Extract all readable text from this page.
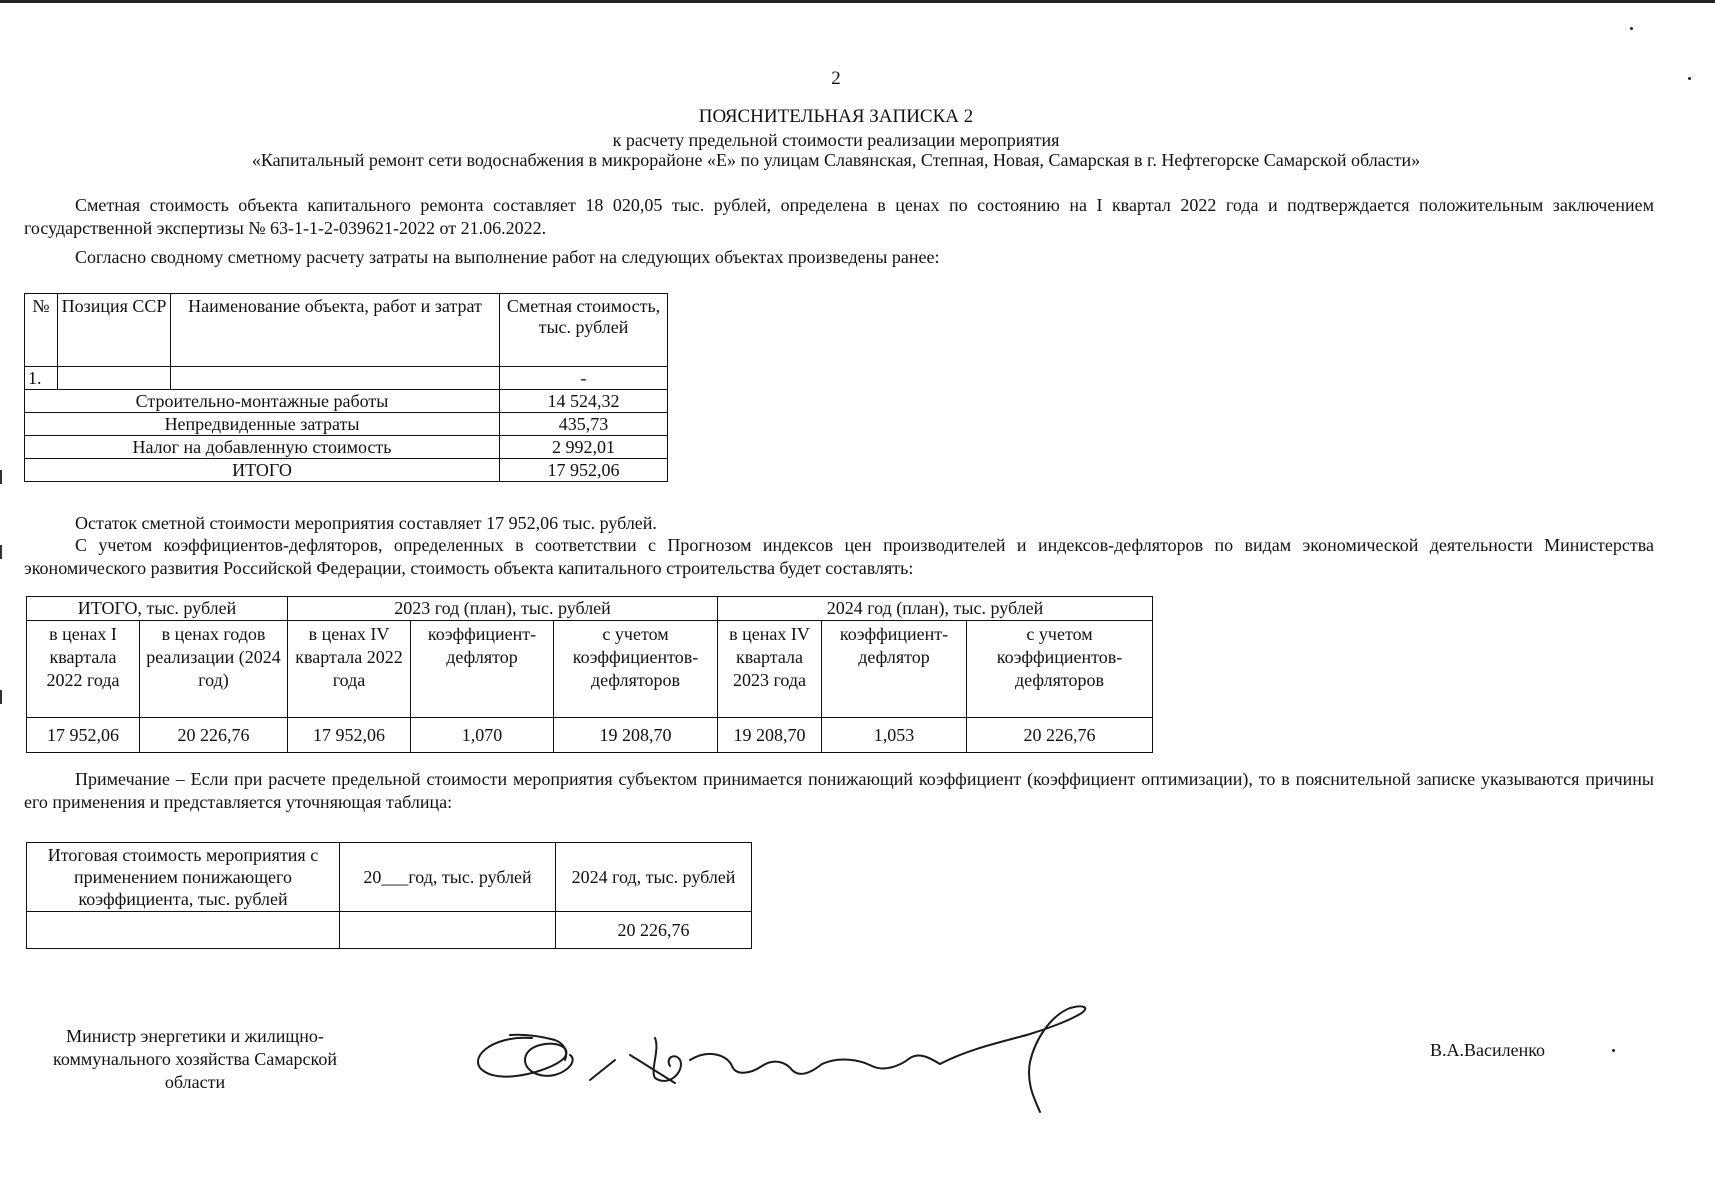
2
ПОЯСНИТЕЛЬНАЯ ЗАПИСКА 2
к расчету предельной стоимости реализации мероприятия
«Капитальный ремонт сети водоснабжения в микрорайоне «Е» по улицам Славянская, Степная, Новая, Самарская в г. Нефтегорске Самарской области»
Сметная стоимость объекта капитального ремонта составляет 18 020,05 тыс. рублей, определена в ценах по состоянию на I квартал 2022 года и подтверждается положительным заключением государственной экспертизы № 63-1-1-2-039621-2022 от 21.06.2022.
Согласно сводному сметному расчету затраты на выполнение работ на следующих объектах произведены ранее:
№	Позиция ССР	Наименование объекта, работ и затрат	Сметная стоимость, тыс. рублей
1.			-
Строительно-монтажные работы			14 524,32
Непредвиденные затраты			435,73
Налог на добавленную стоимость			2 992,01
ИТОГО			17 952,06
Остаток сметной стоимости мероприятия составляет 17 952,06 тыс. рублей.
С учетом коэффициентов-дефляторов, определенных в соответствии с Прогнозом индексов цен производителей и индексов-дефляторов по видам экономической деятельности Министерства экономического развития Российской Федерации, стоимость объекта капитального строительства будет составлять:
ИТОГО, тыс. рублей		2023 год (план), тыс. рублей			2024 год (план), тыс. рублей		
в ценах I квартала 2022 года	в ценах годов реализации (2024 год)	в ценах IV квартала 2022 года	коэффициент-дефлятор	с учетом коэффициентов-дефляторов	в ценах IV квартала 2023 года	коэффициент-дефлятор	с учетом коэффициентов-дефляторов
17 952,06	20 226,76	17 952,06	1,070	19 208,70	19 208,70	1,053	20 226,76
Примечание – Если при расчете предельной стоимости мероприятия субъектом принимается понижающий коэффициент (коэффициент оптимизации), то в пояснительной записке указываются причины его применения и представляется уточняющая таблица:
Итоговая стоимость мероприятия с применением понижающего коэффициента, тыс. рублей	20___год, тыс. рублей	2024 год, тыс. рублей
		20 226,76
Министр энергетики и жилищно-коммунального хозяйства Самарской области
В.А.Василенко
